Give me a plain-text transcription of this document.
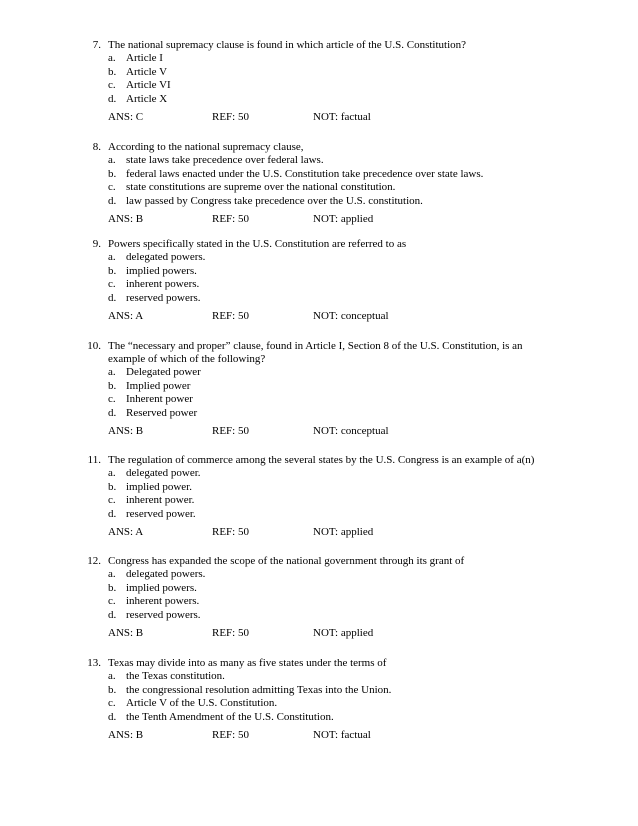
7. The national supremacy clause is found in which article of the U.S. Constitution?
a. Article I
b. Article V
c. Article VI
d. Article X
ANS: C	REF: 50	NOT: factual
8. According to the national supremacy clause,
a. state laws take precedence over federal laws.
b. federal laws enacted under the U.S. Constitution take precedence over state laws.
c. state constitutions are supreme over the national constitution.
d. law passed by Congress take precedence over the U.S. constitution.
ANS: B	REF: 50	NOT: applied
9. Powers specifically stated in the U.S. Constitution are referred to as
a. delegated powers.
b. implied powers.
c. inherent powers.
d. reserved powers.
ANS: A	REF: 50	NOT: conceptual
10. The “necessary and proper” clause, found in Article I, Section 8 of the U.S. Constitution, is an
example of which of the following?
a. Delegated power
b. Implied power
c. Inherent power
d. Reserved power
ANS: B	REF: 50	NOT: conceptual
11. The regulation of commerce among the several states by the U.S. Congress is an example of a(n)
a. delegated power.
b. implied power.
c. inherent power.
d. reserved power.
ANS: A	REF: 50	NOT: applied
12. Congress has expanded the scope of the national government through its grant of
a. delegated powers.
b. implied powers.
c. inherent powers.
d. reserved powers.
ANS: B	REF: 50	NOT: applied
13. Texas may divide into as many as five states under the terms of
a. the Texas constitution.
b. the congressional resolution admitting Texas into the Union.
c. Article V of the U.S. Constitution.
d. the Tenth Amendment of the U.S. Constitution.
ANS: B	REF: 50	NOT: factual
